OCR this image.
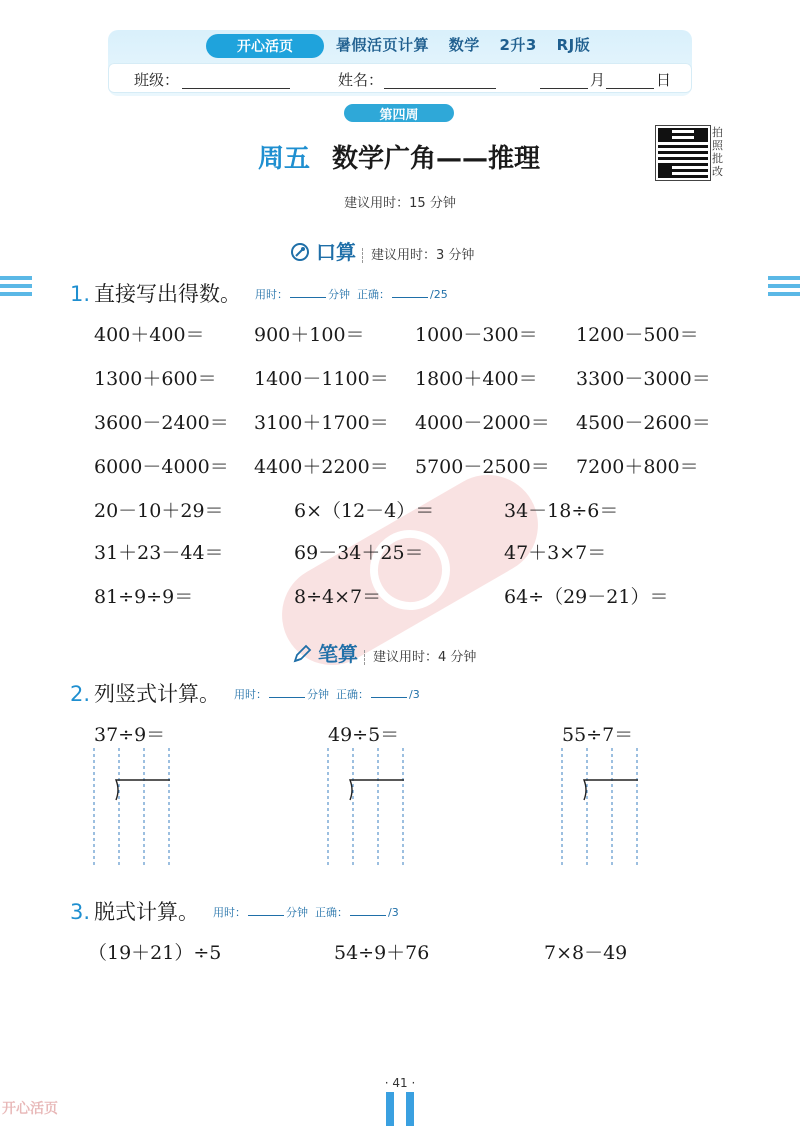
开心活页	暑假活页计算 数学 2升3 RJ版
班级：	姓名：	月	日
第四周
周五 数学广角——推理
拍照批改
建议用时：15 分钟
口算 建议用时：3 分钟
1. 直接写出得数。 用时：	分钟 正确：	/25
400＋400＝	900＋100＝	1000－300＝ 1200－500＝
1300＋600＝ 1400－1100＝ 1800＋400＝ 3300－3000＝
3600－2400＝ 3100＋1700＝ 4000－2000＝ 4500－2600＝
6000－4000＝ 4400＋2200＝ 5700－2500＝ 7200＋800＝
20－10＋29＝	6×（12－4）＝	34－18÷6＝
31＋23－44＝	69－34＋25＝	47＋3×7＝
81÷9÷9＝	8÷4×7＝	64÷（29－21）＝
笔算 建议用时：4 分钟
2. 列竖式计算。 用时：	分钟 正确：	/3
37÷9＝	49÷5＝	55÷7＝
3. 脱式计算。 用时：	分钟 正确：	/3
（19＋21）÷5	54÷9＋76	7×8－49
· 41 ·
开心活页
